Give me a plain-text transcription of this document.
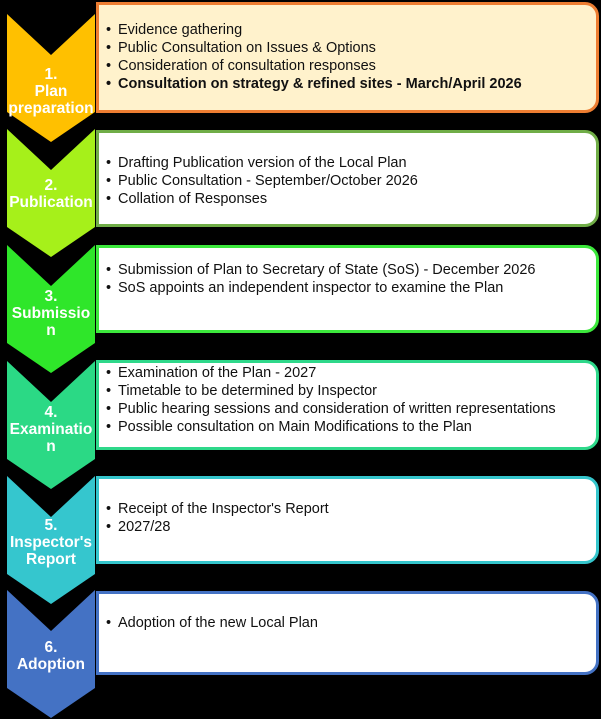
1.
Plan
preparation
• Evidence gathering
• Public Consultation on Issues & Options
• Consideration of consultation responses
• Consultation on strategy & refined sites - March/April 2026
2.
Publication
• Drafting Publication version of the Local Plan
• Public Consultation - September/October 2026
• Collation of Responses
3.
Submissio
n
• Submission of Plan to Secretary of State (SoS) - December 2026
• SoS appoints an independent inspector to examine the Plan
4.
Examinatio
n
• Examination of the Plan - 2027
• Timetable to be determined by Inspector
• Public hearing sessions and consideration of written representations
• Possible consultation on Main Modifications to the Plan
5.
Inspector's
Report
• Receipt of the Inspector's Report
• 2027/28
6.
Adoption
• Adoption of the new Local Plan
